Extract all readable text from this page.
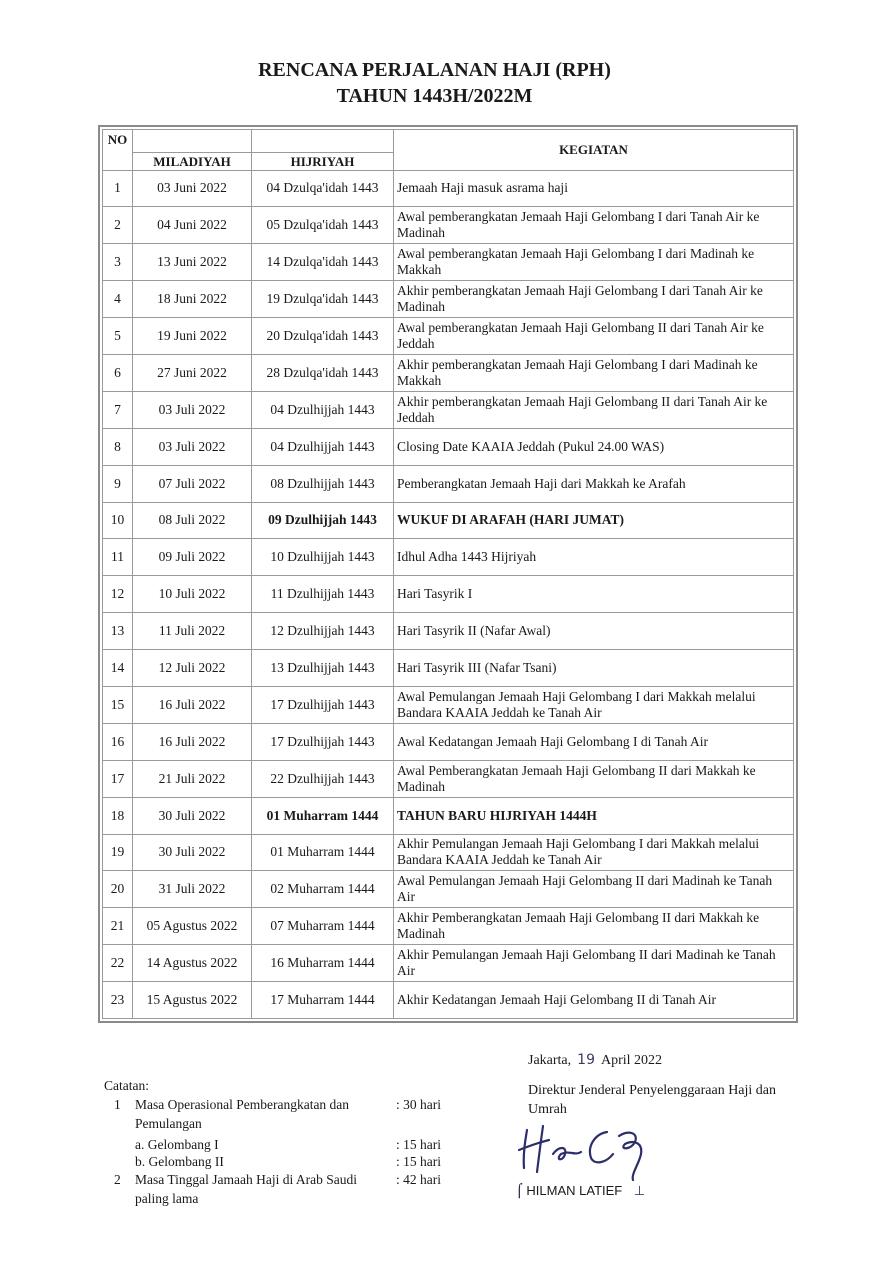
RENCANA PERJALANAN HAJI (RPH)
TAHUN 1443H/2022M
NO			KEGIATAN
	MILADIYAH	HIJRIYAH	
1	03 Juni 2022	04 Dzulqa'idah 1443	Jemaah Haji masuk asrama haji
2	04 Juni 2022	05 Dzulqa'idah 1443	Awal pemberangkatan Jemaah Haji Gelombang I dari Tanah Air ke Madinah
3	13 Juni 2022	14 Dzulqa'idah 1443	Awal pemberangkatan Jemaah Haji Gelombang I dari Madinah ke Makkah
4	18 Juni 2022	19 Dzulqa'idah 1443	Akhir pemberangkatan Jemaah Haji Gelombang I dari Tanah Air ke Madinah
5	19 Juni 2022	20 Dzulqa'idah 1443	Awal pemberangkatan Jemaah Haji Gelombang II dari Tanah Air ke Jeddah
6	27 Juni 2022	28 Dzulqa'idah 1443	Akhir pemberangkatan Jemaah Haji Gelombang I dari Madinah ke Makkah
7	03 Juli 2022	04 Dzulhijjah 1443	Akhir pemberangkatan Jemaah Haji Gelombang II dari Tanah Air ke Jeddah
8	03 Juli 2022	04 Dzulhijjah 1443	Closing Date KAAIA Jeddah (Pukul 24.00 WAS)
9	07 Juli 2022	08 Dzulhijjah 1443	Pemberangkatan Jemaah Haji dari Makkah ke Arafah
10	08 Juli 2022	09 Dzulhijjah 1443	WUKUF DI ARAFAH (HARI JUMAT)
11	09 Juli 2022	10 Dzulhijjah 1443	Idhul Adha 1443 Hijriyah
12	10 Juli 2022	11 Dzulhijjah 1443	Hari Tasyrik I
13	11 Juli 2022	12 Dzulhijjah 1443	Hari Tasyrik II (Nafar Awal)
14	12 Juli 2022	13 Dzulhijjah 1443	Hari Tasyrik III (Nafar Tsani)
15	16 Juli 2022	17 Dzulhijjah 1443	Awal Pemulangan Jemaah Haji Gelombang I dari Makkah melalui Bandara KAAIA Jeddah ke Tanah Air
16	16 Juli 2022	17 Dzulhijjah 1443	Awal Kedatangan Jemaah Haji Gelombang I di Tanah Air
17	21 Juli 2022	22 Dzulhijjah 1443	Awal Pemberangkatan Jemaah Haji Gelombang II dari Makkah ke Madinah
18	30 Juli 2022	01 Muharram 1444	TAHUN BARU HIJRIYAH 1444H
19	30 Juli 2022	01 Muharram 1444	Akhir Pemulangan Jemaah Haji Gelombang I dari Makkah melalui Bandara KAAIA Jeddah ke Tanah Air
20	31 Juli 2022	02 Muharram 1444	Awal Pemulangan Jemaah Haji Gelombang II dari Madinah ke Tanah Air
21	05 Agustus 2022	07 Muharram 1444	Akhir Pemberangkatan Jemaah Haji Gelombang II dari Makkah ke Madinah
22	14 Agustus 2022	16 Muharram 1444	Akhir Pemulangan Jemaah Haji Gelombang II dari Madinah ke Tanah Air
23	15 Agustus 2022	17 Muharram 1444	Akhir Kedatangan Jemaah Haji Gelombang II di Tanah Air
Catatan:
1 Masa Operasional Pemberangkatan dan	: 30 hari
Pemulangan
a. Gelombang I	: 15 hari
b. Gelombang II	: 15 hari
2 Masa Tinggal Jamaah Haji di Arab Saudi	: 42 hari
paling lama
Jakarta, 19 April 2022
Direktur Jenderal Penyelenggaraan Haji dan Umrah
⌠ HILMAN LATIEF ⊥
